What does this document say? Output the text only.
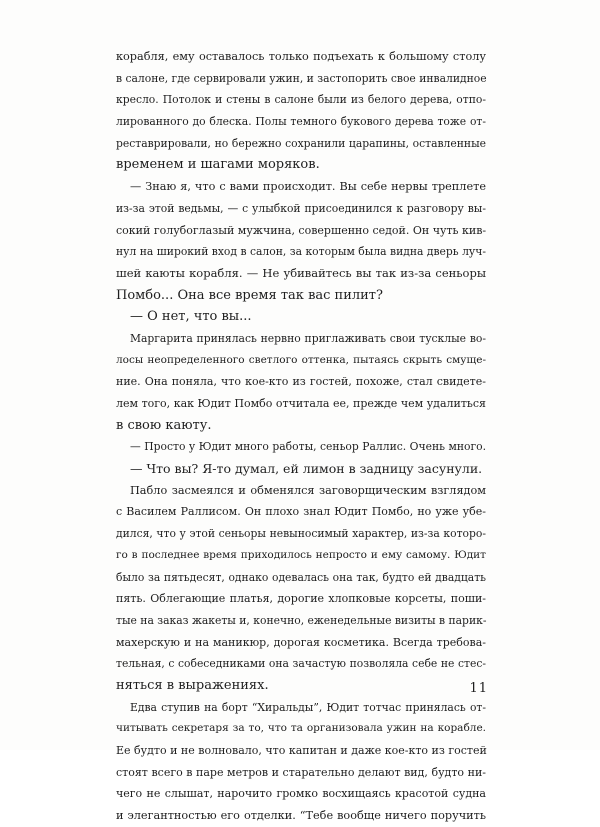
корабля, ему оставалось только подъехать к большому столу
в салоне, где сервировали ужин, и застопорить свое инвалидное
кресло. Потолок и стены в салоне были из белого дерева, отпо-
лированного до блеска. Полы темного букового дерева тоже от-
реставрировали, но бережно сохранили царапины, оставленные
временем и шагами моряков.
— Знаю я, что с вами происходит. Вы себе нервы треплете
из-за этой ведьмы, — с улыбкой присоединился к разговору вы-
сокий голубоглазый мужчина, совершенно седой. Он чуть кив-
нул на широкий вход в салон, за которым была видна дверь луч-
шей каюты корабля. — Не убивайтесь вы так из-за сеньоры
Помбо... Она все время так вас пилит?
— О нет, что вы...
Маргарита принялась нервно приглаживать свои тусклые во-
лосы неопределенного светлого оттенка, пытаясь скрыть смуще-
ние. Она поняла, что кое-кто из гостей, похоже, стал свидете-
лем того, как Юдит Помбо отчитала ее, прежде чем удалиться
в свою каюту.
— Просто у Юдит много работы, сеньор Раллис. Очень много.
— Что вы? Я-то думал, ей лимон в задницу засунули.
Пабло засмеялся и обменялся заговорщическим взглядом
с Василем Раллисом. Он плохо знал Юдит Помбо, но уже убе-
дился, что у этой сеньоры невыносимый характер, из-за которо-
го в последнее время приходилось непросто и ему самому. Юдит
было за пятьдесят, однако одевалась она так, будто ей двадцать
пять. Облегающие платья, дорогие хлопковые корсеты, поши-
тые на заказ жакеты и, конечно, еженедельные визиты в парик-
махерскую и на маникюр, дорогая косметика. Всегда требова-
тельная, с собеседниками она зачастую позволяла себе не стес-
няться в выражениях.
Едва ступив на борт “Хиральды”, Юдит тотчас принялась от-
читывать секретаря за то, что та организовала ужин на корабле.
Ее будто и не волновало, что капитан и даже кое-кто из гостей
стоят всего в паре метров и старательно делают вид, будто ни-
чего не слышат, нарочито громко восхищаясь красотой судна
и элегантностью его отделки. “Тебе вообще ничего поручить
11
